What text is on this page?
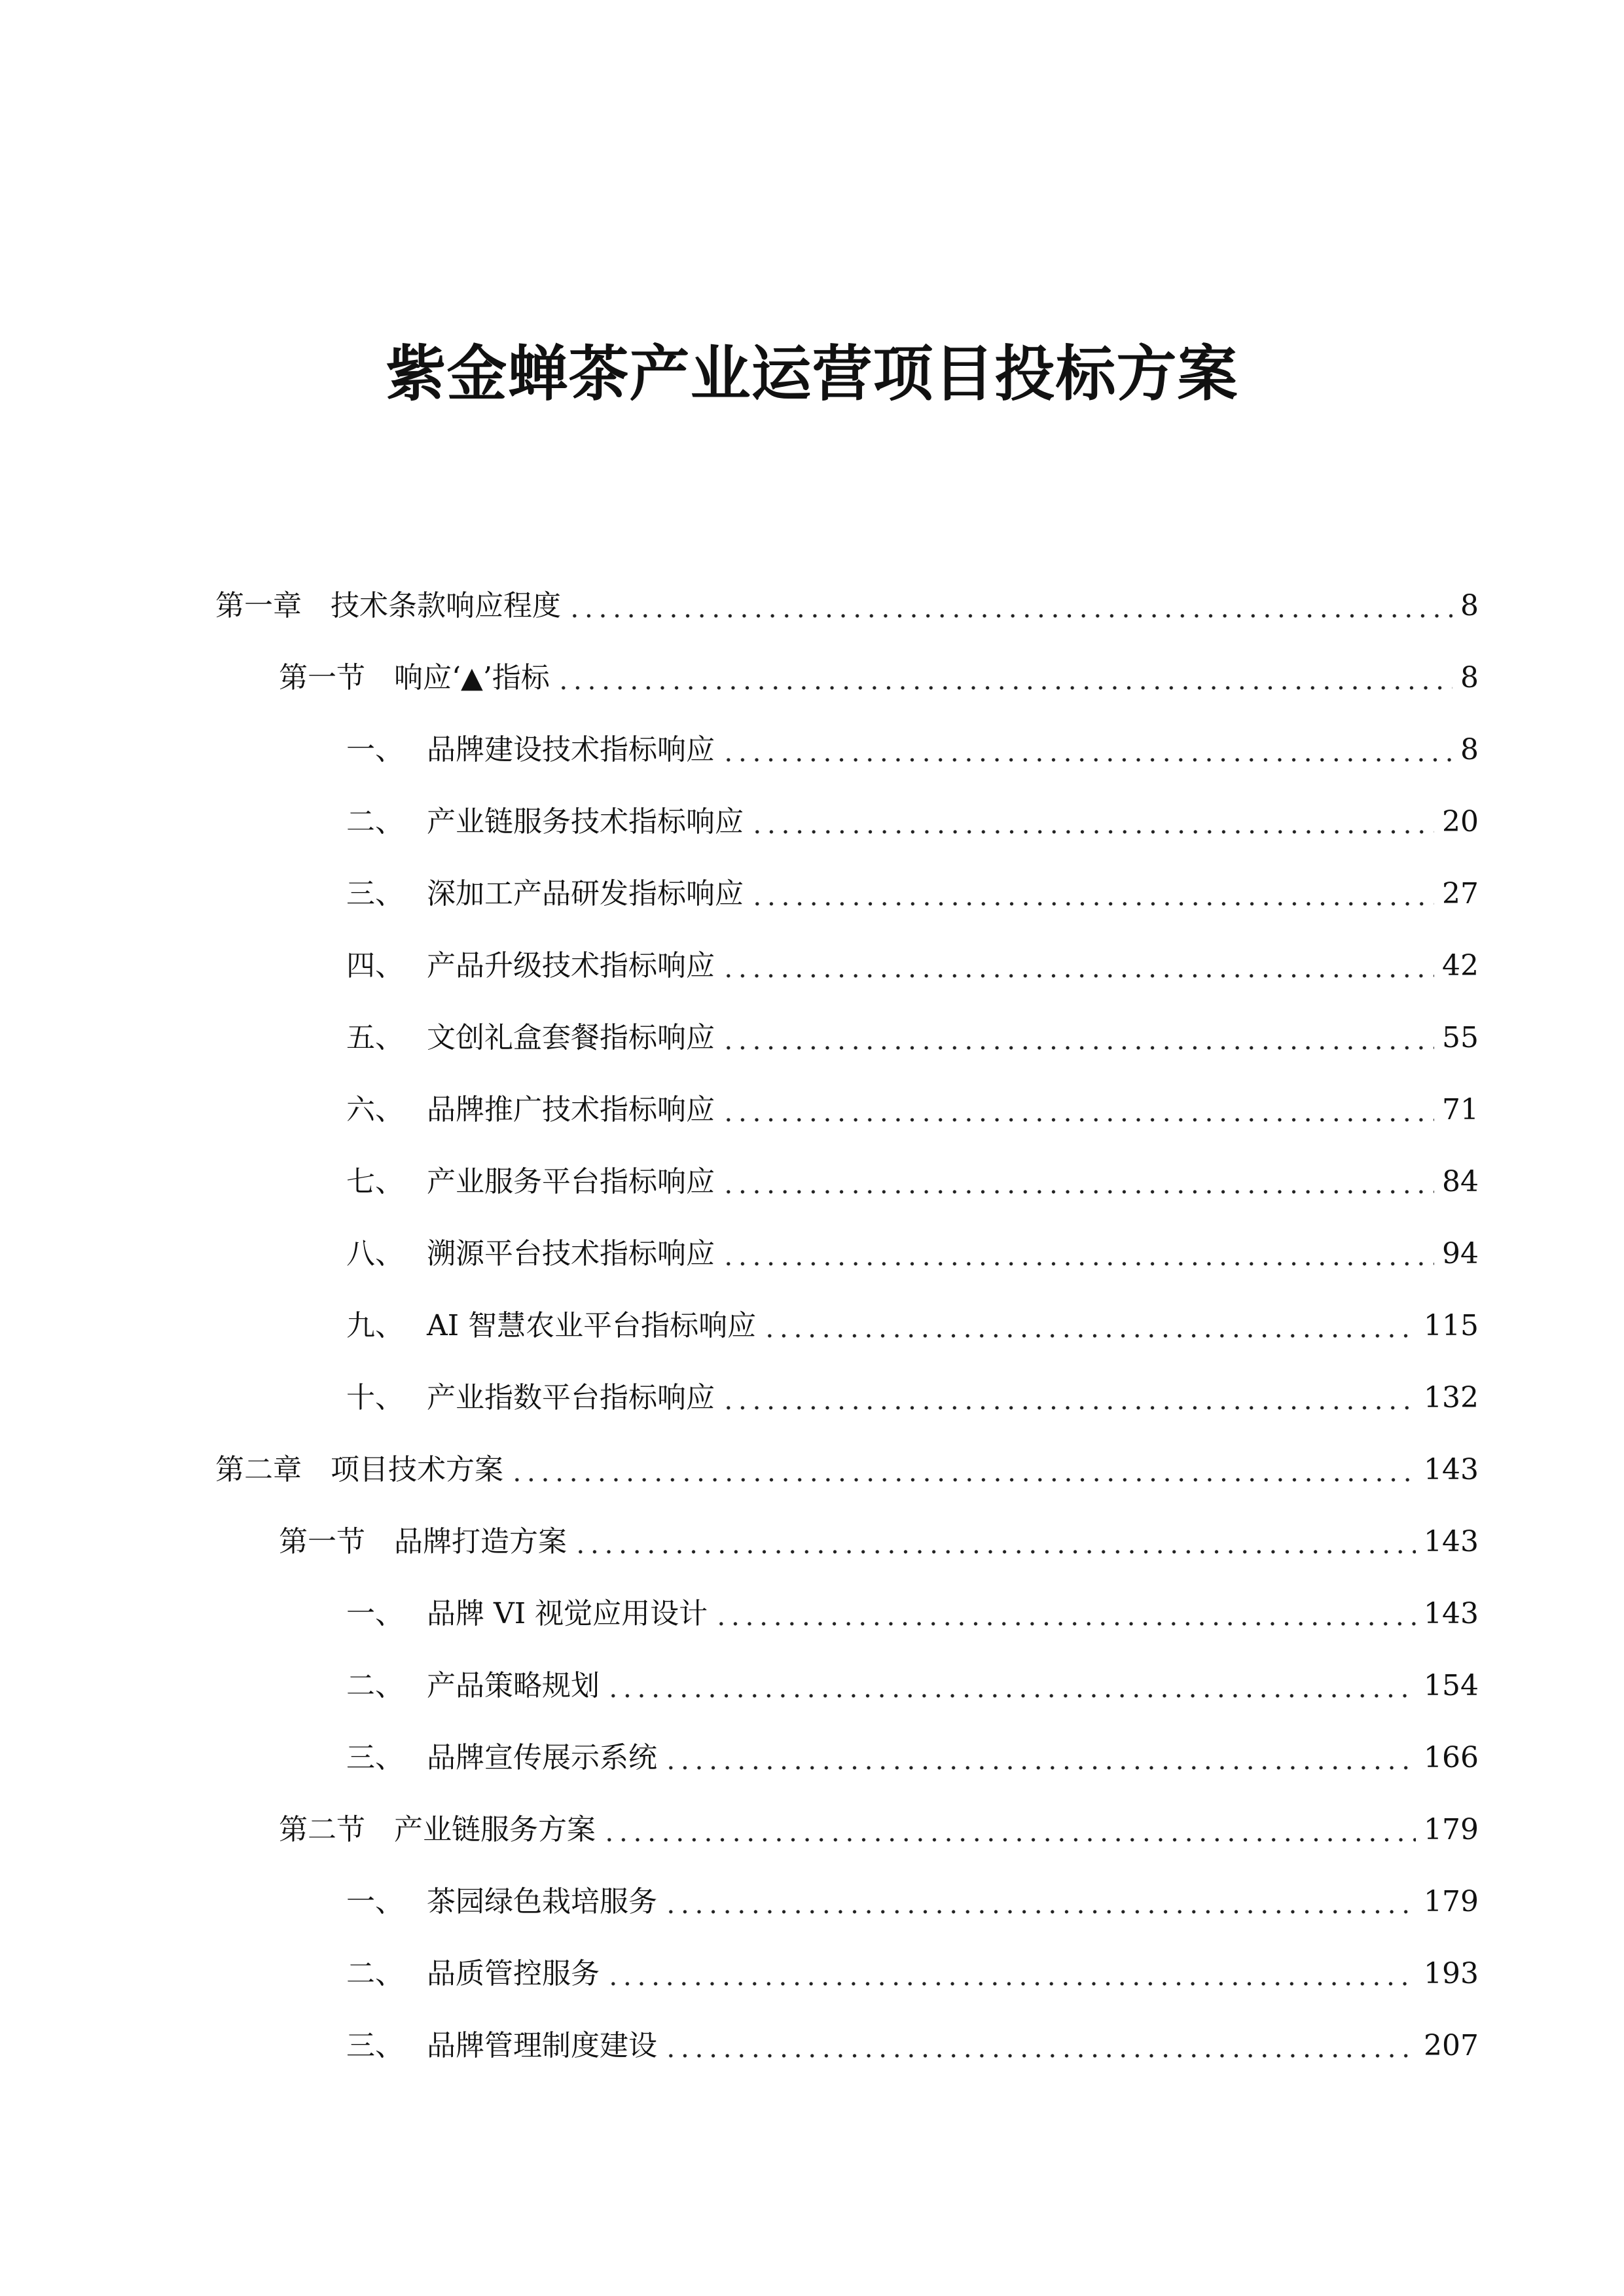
紫金蝉茶产业运营项目投标方案
第一章 技术条款响应程度	8
第一节 响应‘▲’指标	8
一、 品牌建设技术指标响应	8
二、 产业链服务技术指标响应	20
三、 深加工产品研发指标响应	27
四、 产品升级技术指标响应	42
五、 文创礼盒套餐指标响应	55
六、 品牌推广技术指标响应	71
七、 产业服务平台指标响应	84
八、 溯源平台技术指标响应	94
九、 AI 智慧农业平台指标响应	115
十、 产业指数平台指标响应	132
第二章 项目技术方案	143
第一节 品牌打造方案	143
一、 品牌 VI 视觉应用设计	143
二、 产品策略规划	154
三、 品牌宣传展示系统	166
第二节 产业链服务方案	179
一、 茶园绿色栽培服务	179
二、 品质管控服务	193
三、 品牌管理制度建设	207
